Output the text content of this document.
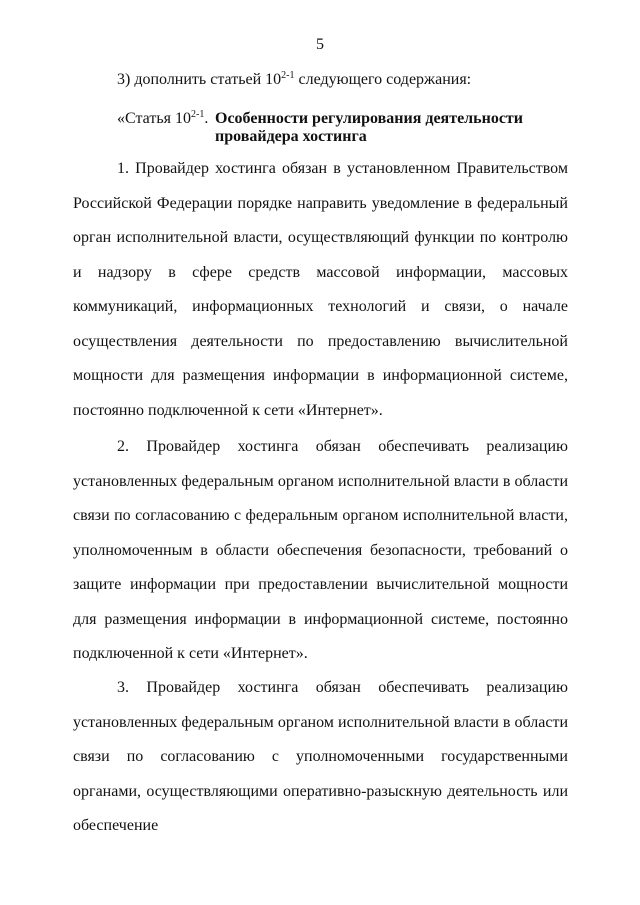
5
3) дополнить статьей 10$^{2-1}$ следующего содержания:
«Статья 10$^{2-1}$. Особенности регулирования деятельности провайдера хостинга

1. Провайдер хостинга обязан в установленном Правительством Российской Федерации порядке направить уведомление в федеральный орган исполнительной власти, осуществляющий функции по контролю и надзору в сфере средств массовой информации, массовых коммуникаций, информационных технологий и связи, о начале осуществления деятельности по предоставлению вычислительной мощности для размещения информации в информационной системе, постоянно подключенной к сети «Интернет».

2. Провайдер хостинга обязан обеспечивать реализацию установленных федеральным органом исполнительной власти в области связи по согласованию с федеральным органом исполнительной власти, уполномоченным в области обеспечения безопасности, требований о защите информации при предоставлении вычислительной мощности для размещения информации в информационной системе, постоянно подключенной к сети «Интернет».

3. Провайдер хостинга обязан обеспечивать реализацию установленных федеральным органом исполнительной власти в области связи по согласованию с уполномоченными государственными органами, осуществляющими оперативно-разыскную деятельность или обеспечение
